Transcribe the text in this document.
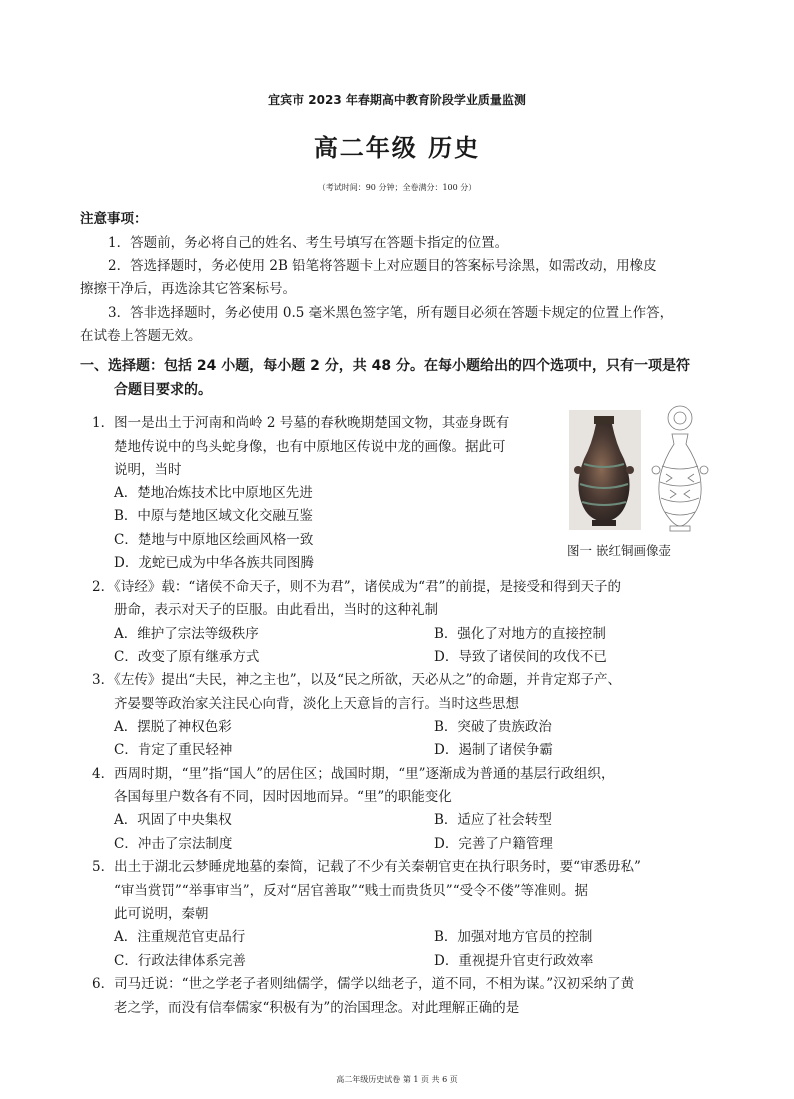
宜宾市 2023 年春期高中教育阶段学业质量监测
高二年级 历史
（考试时间：90 分钟；全卷满分：100 分）
注意事项：
1．答题前，务必将自己的姓名、考生号填写在答题卡指定的位置。
2．答选择题时，务必使用 2B 铅笔将答题卡上对应题目的答案标号涂黑，如需改动，用橡皮
擦擦干净后，再选涂其它答案标号。
3．答非选择题时，务必使用 0.5 毫米黑色签字笔，所有题目必须在答题卡规定的位置上作答，
在试卷上答题无效。
一、选择题：包括 24 小题，每小题 2 分，共 48 分。在每小题给出的四个选项中，只有一项是符
合题目要求的。
1．图一是出土于河南和尚岭 2 号墓的春秋晚期楚国文物，其壶身既有
楚地传说中的鸟头蛇身像，也有中原地区传说中龙的画像。据此可
说明，当时
A．楚地冶炼技术比中原地区先进
B．中原与楚地区域文化交融互鉴
C．楚地与中原地区绘画风格一致
D．龙蛇已成为中华各族共同图腾
图一 嵌红铜画像壶
2．《诗经》载：“诸侯不命天子，则不为君”，诸侯成为“君”的前提，是接受和得到天子的
册命，表示对天子的臣服。由此看出，当时的这种礼制
A．维护了宗法等级秩序	B．强化了对地方的直接控制
C．改变了原有继承方式	D．导致了诸侯间的攻伐不已
3．《左传》提出“夫民，神之主也”，以及“民之所欲，天必从之”的命题，并肯定郑子产、
齐晏婴等政治家关注民心向背，淡化上天意旨的言行。当时这些思想
A．摆脱了神权色彩	B．突破了贵族政治
C．肯定了重民轻神	D．遏制了诸侯争霸
4．西周时期，“里”指“国人”的居住区；战国时期，“里”逐渐成为普通的基层行政组织，
各国每里户数各有不同，因时因地而异。“里”的职能变化
A．巩固了中央集权	B．适应了社会转型
C．冲击了宗法制度	D．完善了户籍管理
5．出土于湖北云梦睡虎地墓的秦简，记载了不少有关秦朝官吏在执行职务时，要“审悉毋私”
“审当赏罚”“举事审当”，反对“居官善取”“贱士而贵货贝”“受令不偻”等准则。据
此可说明，秦朝
A．注重规范官吏品行	B．加强对地方官员的控制
C．行政法律体系完善	D．重视提升官吏行政效率
6．司马迁说：“世之学老子者则绌儒学，儒学以绌老子，道不同，不相为谋。”汉初采纳了黄
老之学，而没有信奉儒家“积极有为”的治国理念。对此理解正确的是
高二年级历史试卷 第 1 页 共 6 页
